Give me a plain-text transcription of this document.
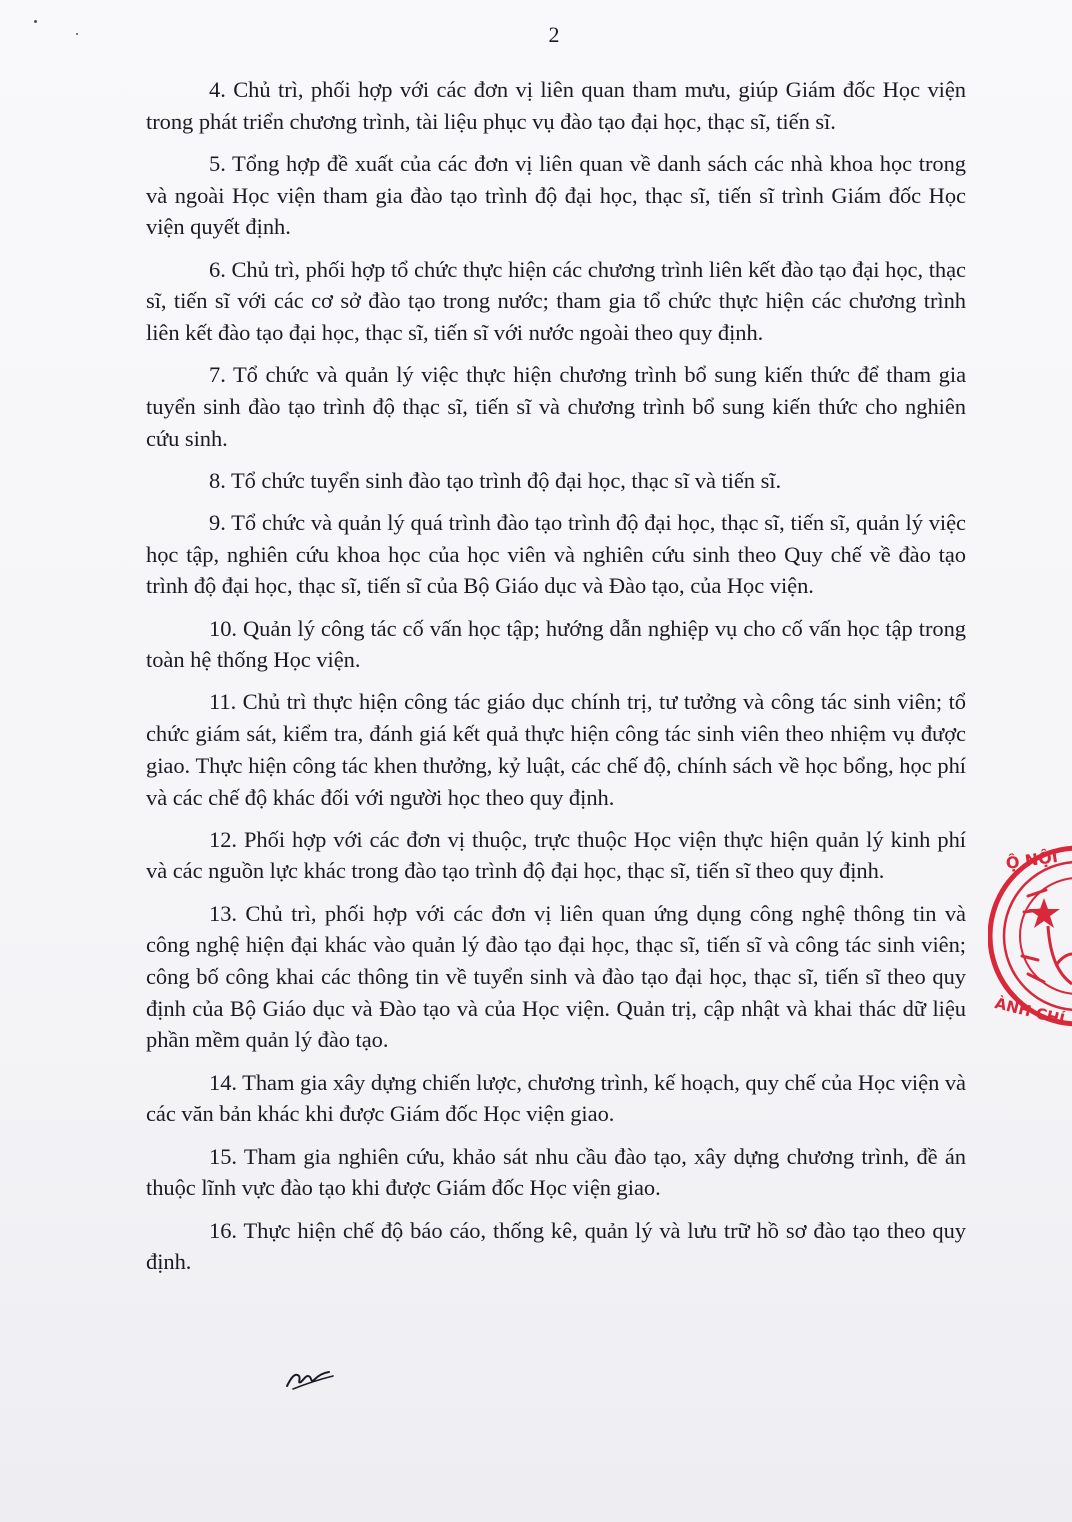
2

4. Chủ trì, phối hợp với các đơn vị liên quan tham mưu, giúp Giám đốc Học viện trong phát triển chương trình, tài liệu phục vụ đào tạo đại học, thạc sĩ, tiến sĩ.

5. Tổng hợp đề xuất của các đơn vị liên quan về danh sách các nhà khoa học trong và ngoài Học viện tham gia đào tạo trình độ đại học, thạc sĩ, tiến sĩ trình Giám đốc Học viện quyết định.

6. Chủ trì, phối hợp tổ chức thực hiện các chương trình liên kết đào tạo đại học, thạc sĩ, tiến sĩ với các cơ sở đào tạo trong nước; tham gia tổ chức thực hiện các chương trình liên kết đào tạo đại học, thạc sĩ, tiến sĩ với nước ngoài theo quy định.

7. Tổ chức và quản lý việc thực hiện chương trình bổ sung kiến thức để tham gia tuyển sinh đào tạo trình độ thạc sĩ, tiến sĩ và chương trình bổ sung kiến thức cho nghiên cứu sinh.

8. Tổ chức tuyển sinh đào tạo trình độ đại học, thạc sĩ và tiến sĩ.

9. Tổ chức và quản lý quá trình đào tạo trình độ đại học, thạc sĩ, tiến sĩ, quản lý việc học tập, nghiên cứu khoa học của học viên và nghiên cứu sinh theo Quy chế về đào tạo trình độ đại học, thạc sĩ, tiến sĩ của Bộ Giáo dục và Đào tạo, của Học viện.

10. Quản lý công tác cố vấn học tập; hướng dẫn nghiệp vụ cho cố vấn học tập trong toàn hệ thống Học viện.

11. Chủ trì thực hiện công tác giáo dục chính trị, tư tưởng và công tác sinh viên; tổ chức giám sát, kiểm tra, đánh giá kết quả thực hiện công tác sinh viên theo nhiệm vụ được giao. Thực hiện công tác khen thưởng, kỷ luật, các chế độ, chính sách về học bổng, học phí và các chế độ khác đối với người học theo quy định.

12. Phối hợp với các đơn vị thuộc, trực thuộc Học viện thực hiện quản lý kinh phí và các nguồn lực khác trong đào tạo trình độ đại học, thạc sĩ, tiến sĩ theo quy định.

13. Chủ trì, phối hợp với các đơn vị liên quan ứng dụng công nghệ thông tin và công nghệ hiện đại khác vào quản lý đào tạo đại học, thạc sĩ, tiến sĩ và công tác sinh viên; công bố công khai các thông tin về tuyển sinh và đào tạo đại học, thạc sĩ, tiến sĩ theo quy định của Bộ Giáo dục và Đào tạo và của Học viện. Quản trị, cập nhật và khai thác dữ liệu phần mềm quản lý đào tạo.

14. Tham gia xây dựng chiến lược, chương trình, kế hoạch, quy chế của Học viện và các văn bản khác khi được Giám đốc Học viện giao.

15. Tham gia nghiên cứu, khảo sát nhu cầu đào tạo, xây dựng chương trình, đề án thuộc lĩnh vực đào tạo khi được Giám đốc Học viện giao.

16. Thực hiện chế độ báo cáo, thống kê, quản lý và lưu trữ hồ sơ đào tạo theo quy định.

Ộ NỘI
ÀNH CHÍ
